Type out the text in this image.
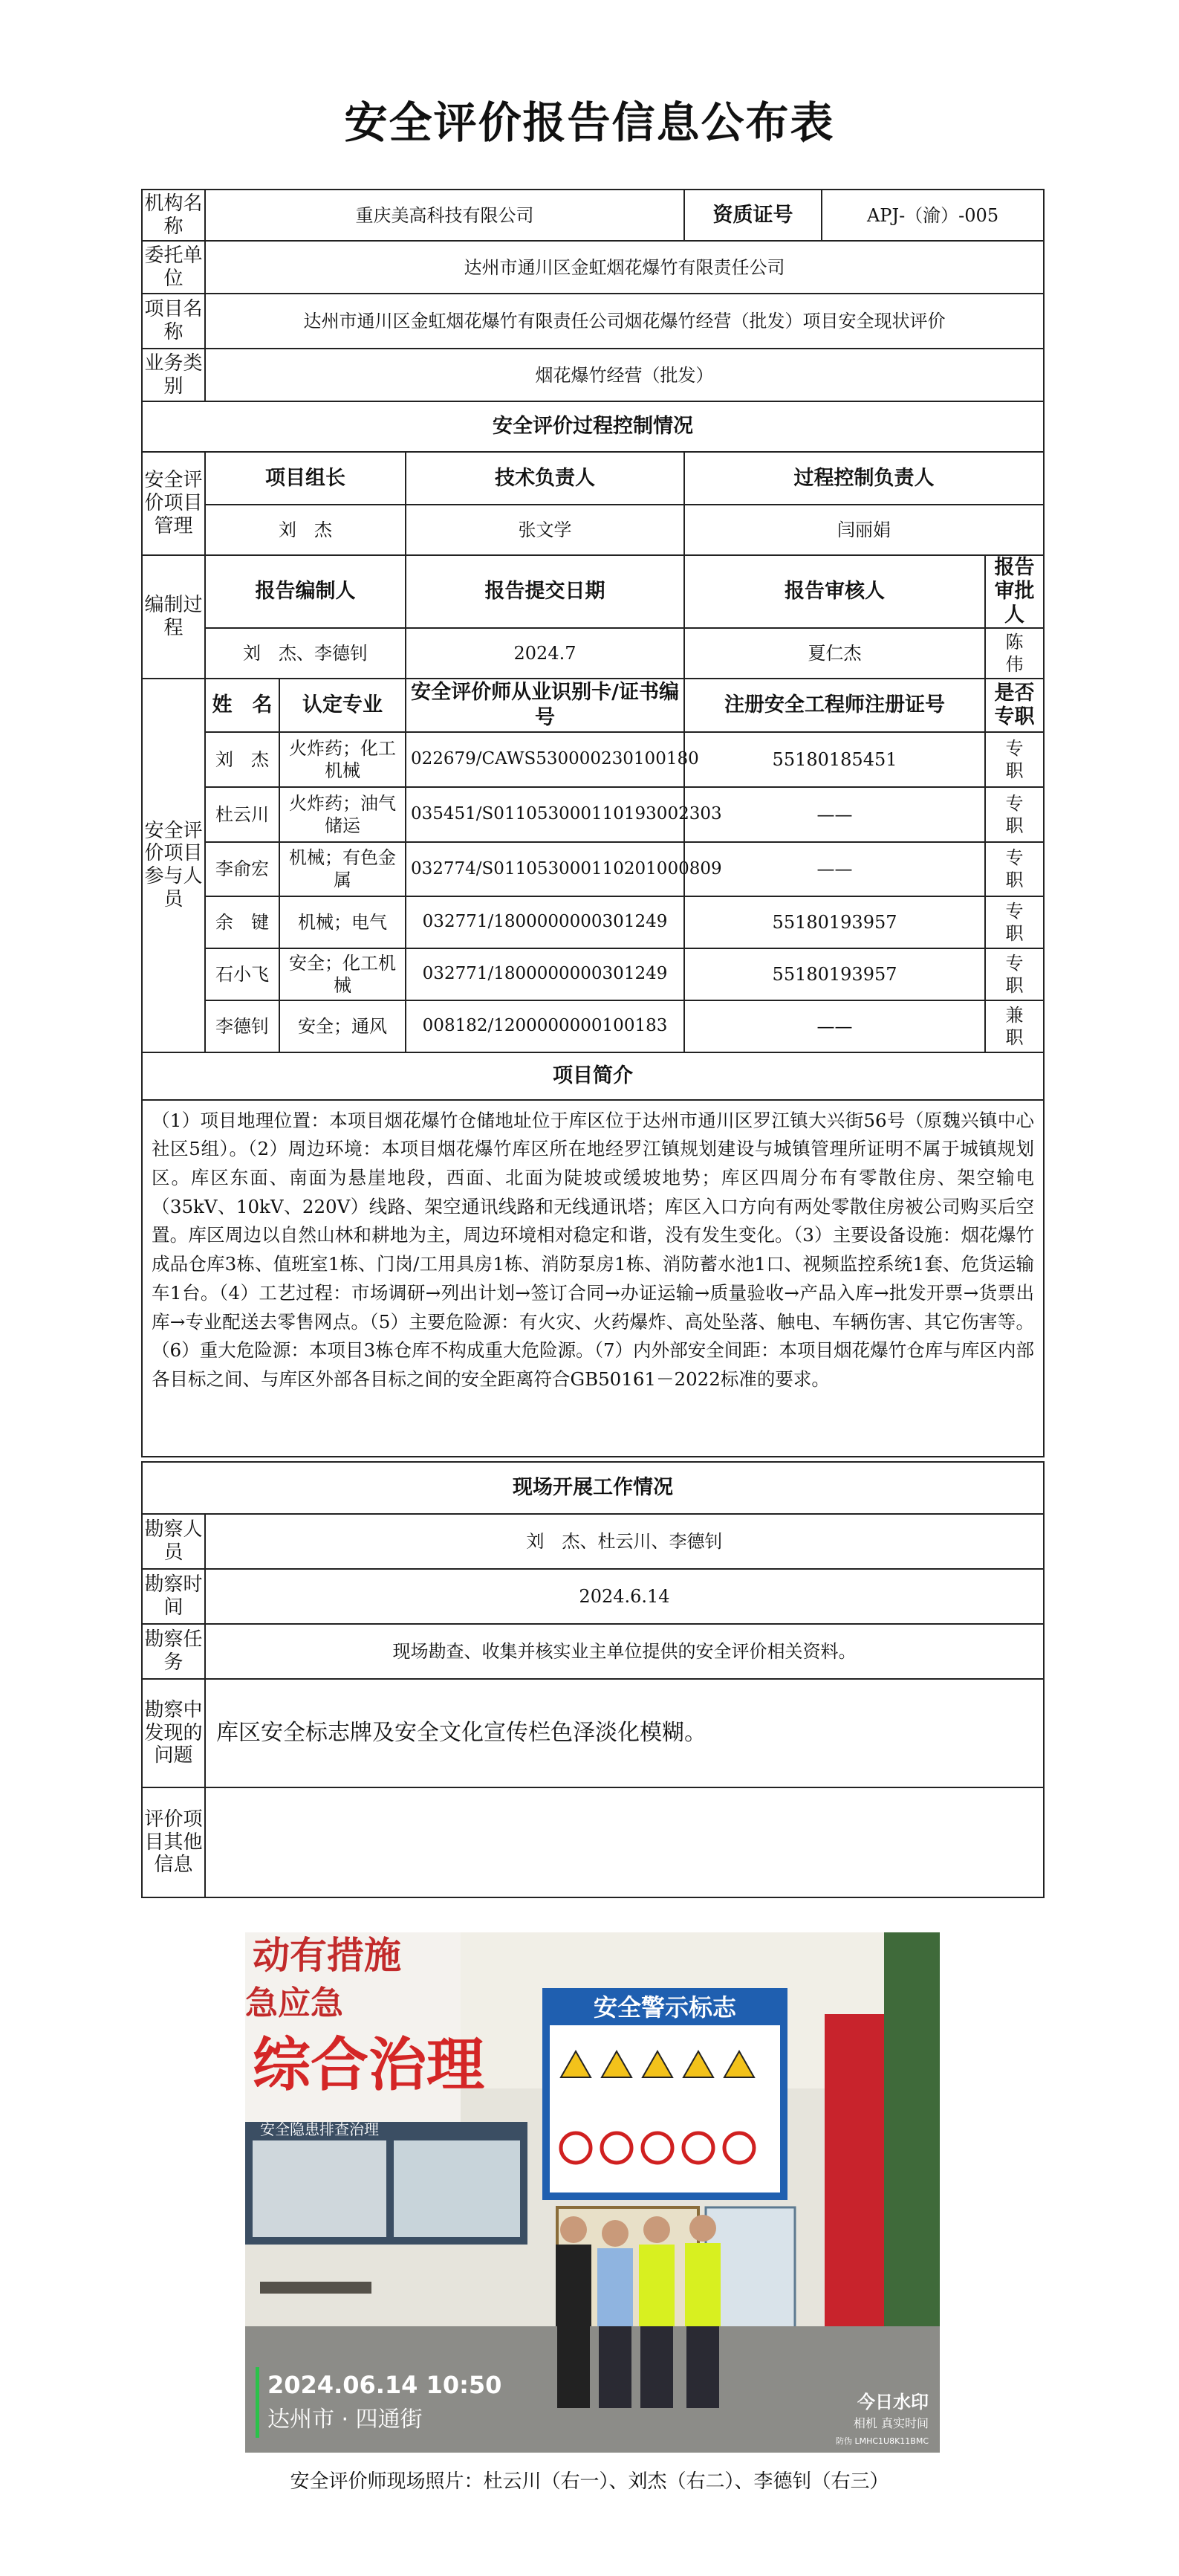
安全评价报告信息公布表
机构名称	重庆美高科技有限公司			资质证号	APJ-（渝）-005	
委托单位	达州市通川区金虹烟花爆竹有限责任公司					
项目名称	达州市通川区金虹烟花爆竹有限责任公司烟花爆竹经营（批发）项目安全现状评价					
业务类别	烟花爆竹经营（批发）					
安全评价过程控制情况						
安全评价项目管理	项目组长		技术负责人	过程控制负责人		
	刘　杰		张文学	闫丽娟		
编制过程	报告编制人		报告提交日期	报告审核人		报告审批人
	刘　杰、李德钊		2024.7	夏仁杰		陈　伟
安全评价项目参与人员	姓　名	认定专业	安全评价师从业识别卡/证书编号	注册安全工程师注册证号		是否专职
	刘　杰	火炸药；化工机械	022679/CAWS530000230100180	55180185451		专　职
	杜云川	火炸药；油气储运	035451/S011053000110193002303	——		专　职
	李俞宏	机械；有色金属	032774/S011053000110201000809	——		专　职
	余　键	机械；电气	032771/1800000000301249	55180193957		专　职
	石小飞	安全；化工机械	032771/1800000000301249	55180193957		专　职
	李德钊	安全；通风	008182/1200000000100183	——		兼　职
项目简介						
（1）项目地理位置：本项目烟花爆竹仓储地址位于库区位于达州市通川区罗江镇大兴街56号（原魏兴镇中心社区5组）。（2）周边环境：本项目烟花爆竹库区所在地经罗江镇规划建设与城镇管理所证明不属于城镇规划区。库区东面、南面为悬崖地段，西面、北面为陡坡或缓坡地势；库区四周分布有零散住房、架空输电（35kV、10kV、220V）线路、架空通讯线路和无线通讯塔；库区入口方向有两处零散住房被公司购买后空置。库区周边以自然山林和耕地为主，周边环境相对稳定和谐，没有发生变化。（3）主要设备设施：烟花爆竹成品仓库3栋、值班室1栋、门岗/工用具房1栋、消防泵房1栋、消防蓄水池1口、视频监控系统1套、危货运输车1台。（4）工艺过程：市场调研→列出计划→签订合同→办证运输→质量验收→产品入库→批发开票→货票出库→专业配送去零售网点。（5）主要危险源：有火灾、火药爆炸、高处坠落、触电、车辆伤害、其它伤害等。（6）重大危险源：本项目3栋仓库不构成重大危险源。（7）内外部安全间距：本项目烟花爆竹仓库与库区内部各目标之间、与库区外部各目标之间的安全距离符合GB50161－2022标准的要求。						
现场开展工作情况	
勘察人员	刘　杰、杜云川、李德钊
勘察时间	2024.6.14
勘察任务	现场勘查、收集并核实业主单位提供的安全评价相关资料。
勘察中发现的问题	库区安全标志牌及安全文化宣传栏色泽淡化模糊。
评价项目其他信息	
动有措施
急应急
综合治理
安全隐患排查治理
安全警示标志
2024.06.14 10:50
达州市 · 四通街
今日水印
相机 真实时间
防伪 LMHC1U8K11BMC
安全评价师现场照片：杜云川（右一）、刘杰（右二）、李德钊（右三）
